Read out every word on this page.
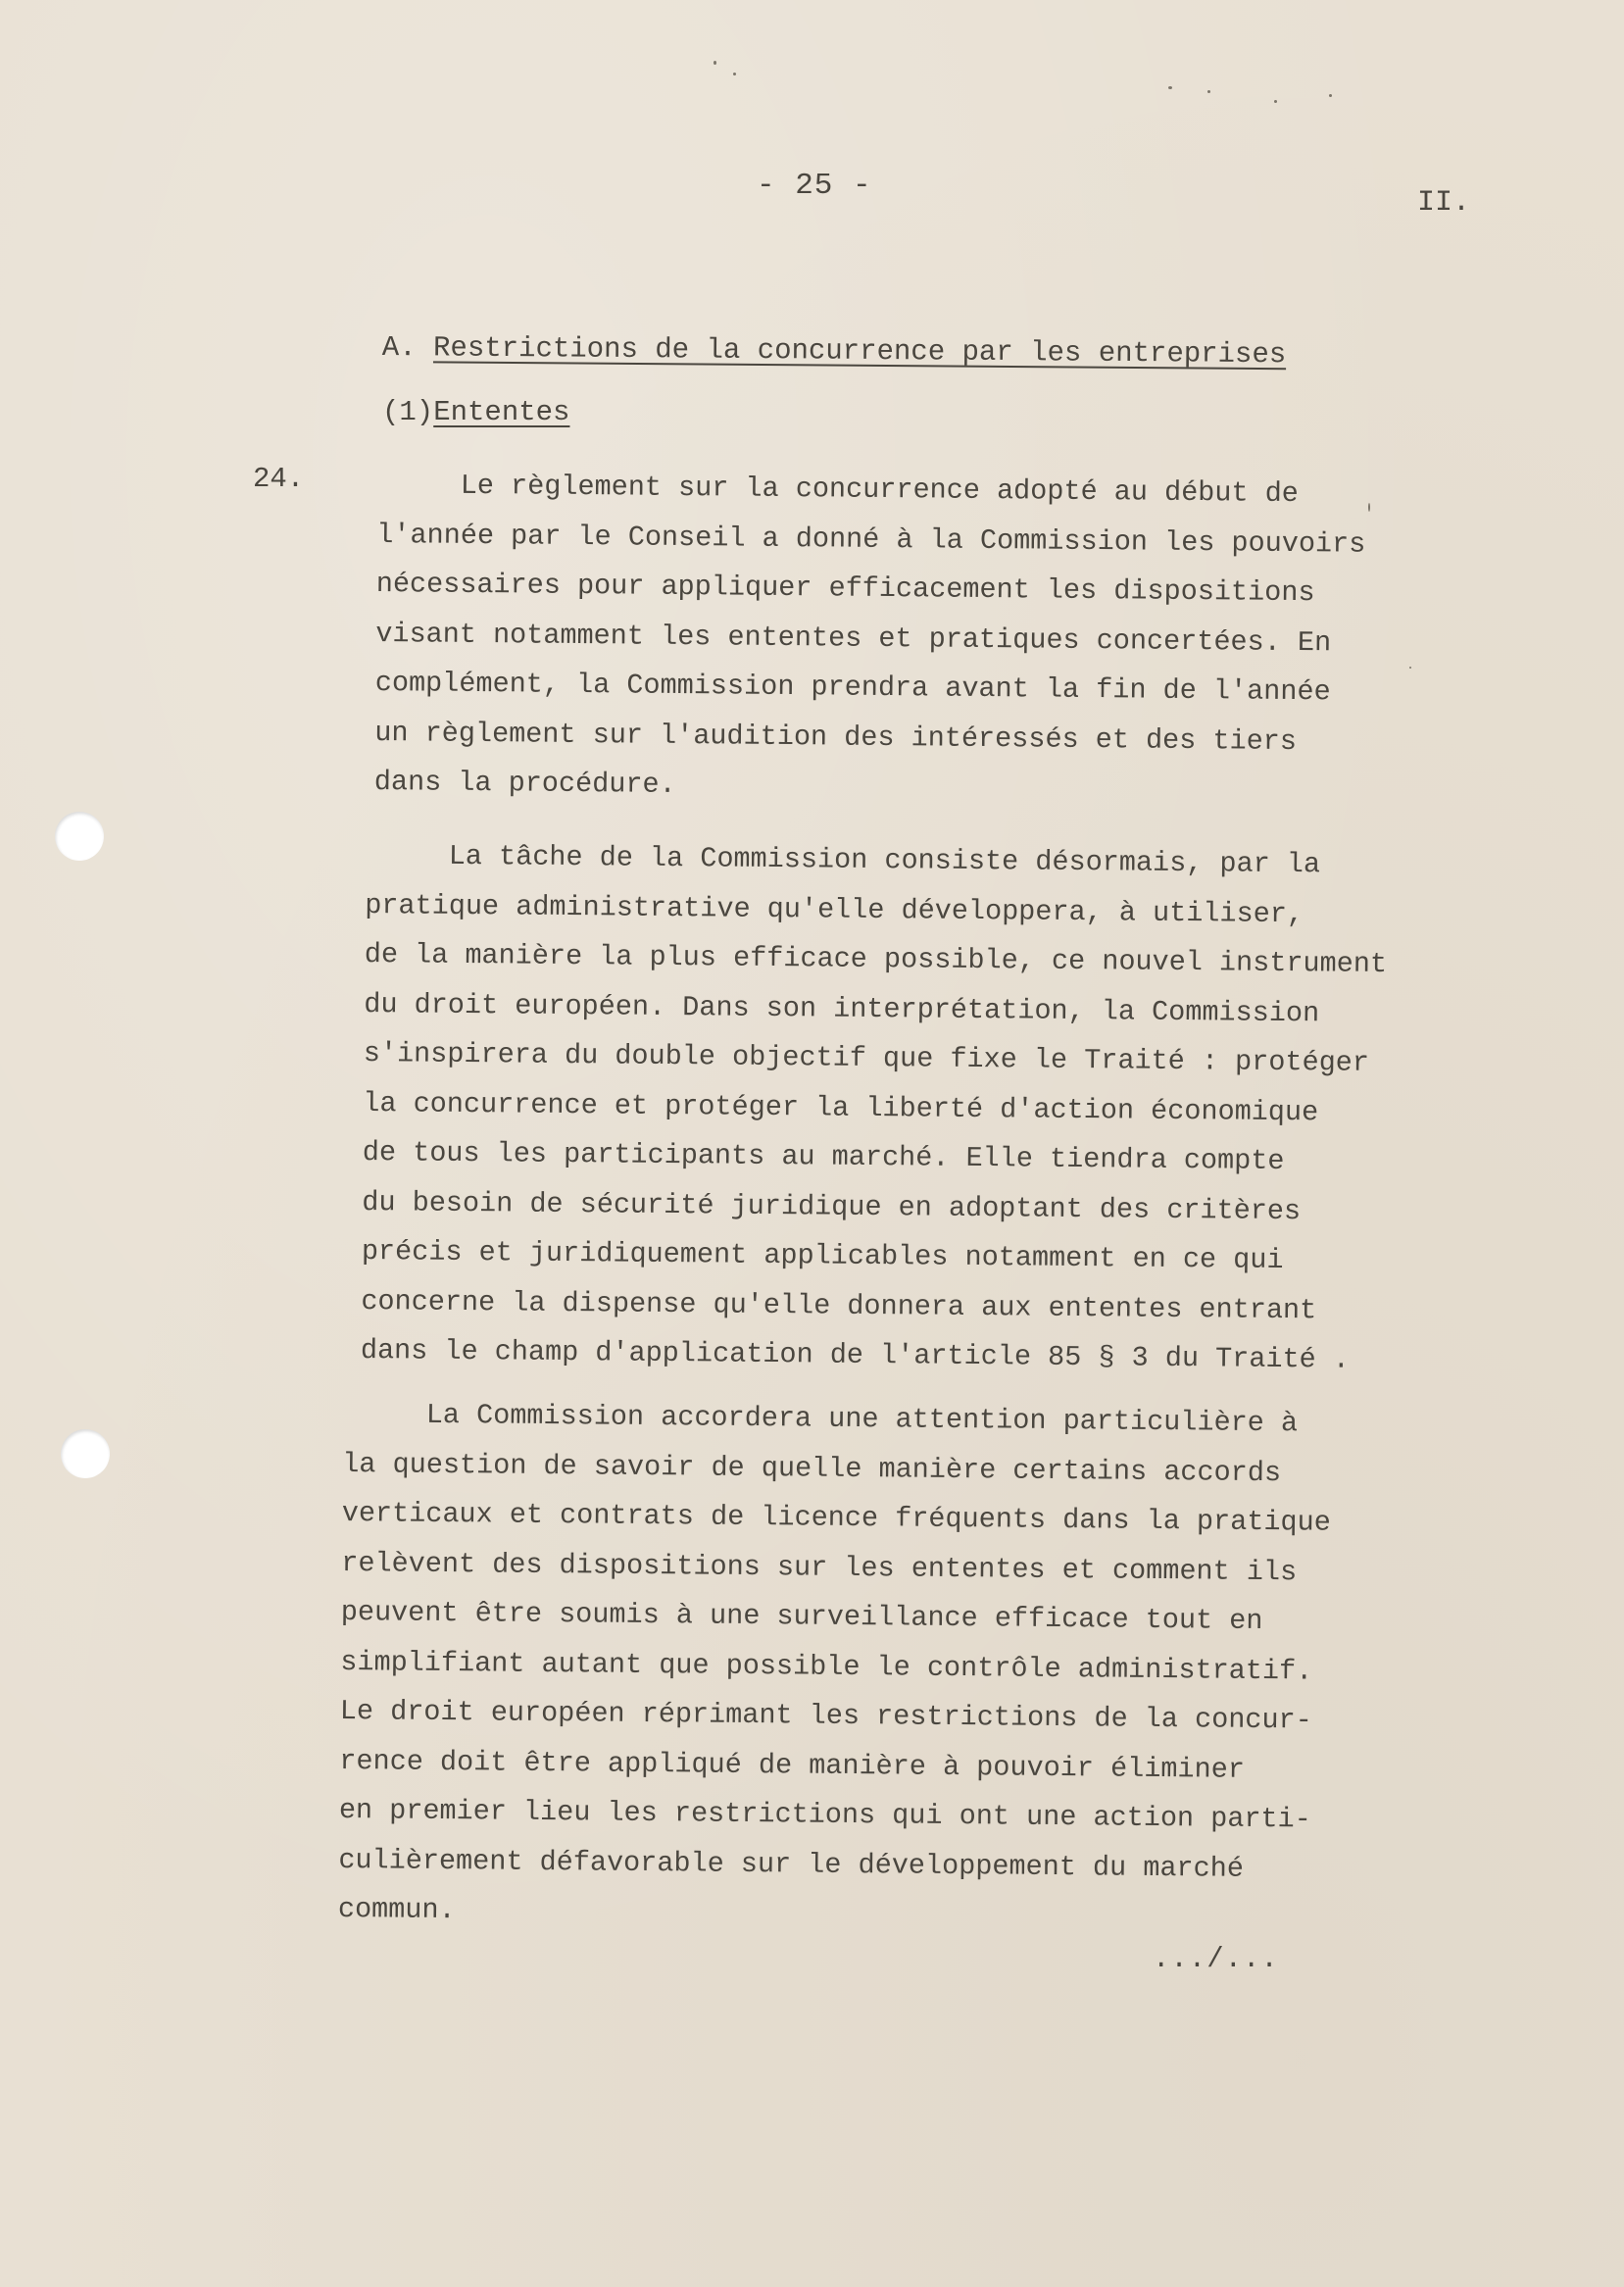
- 25 -	II.
A. Restrictions de la concurrence par les entreprises
(1)Ententes
24.	Le règlement sur la concurrence adopté au début de
l'année par le Conseil a donné à la Commission les pouvoirs
nécessaires pour appliquer efficacement les dispositions
visant notamment les ententes et pratiques concertées. En
complément, la Commission prendra avant la fin de l'année
un règlement sur l'audition des intéressés et des tiers
dans la procédure.
La tâche de la Commission consiste désormais, par la
pratique administrative qu'elle développera, à utiliser,
de la manière la plus efficace possible, ce nouvel instrument
du droit européen. Dans son interprétation, la Commission
s'inspirera du double objectif que fixe le Traité : protéger
la concurrence et protéger la liberté d'action économique
de tous les participants au marché. Elle tiendra compte
du besoin de sécurité juridique en adoptant des critères
précis et juridiquement applicables notamment en ce qui
concerne la dispense qu'elle donnera aux ententes entrant
dans le champ d'application de l'article 85 § 3 du Traité .
La Commission accordera une attention particulière à
la question de savoir de quelle manière certains accords
verticaux et contrats de licence fréquents dans la pratique
relèvent des dispositions sur les ententes et comment ils
peuvent être soumis à une surveillance efficace tout en
simplifiant autant que possible le contrôle administratif.
Le droit européen réprimant les restrictions de la concur-
rence doit être appliqué de manière à pouvoir éliminer
en premier lieu les restrictions qui ont une action parti-
culièrement défavorable sur le développement du marché
commun.
.../...
